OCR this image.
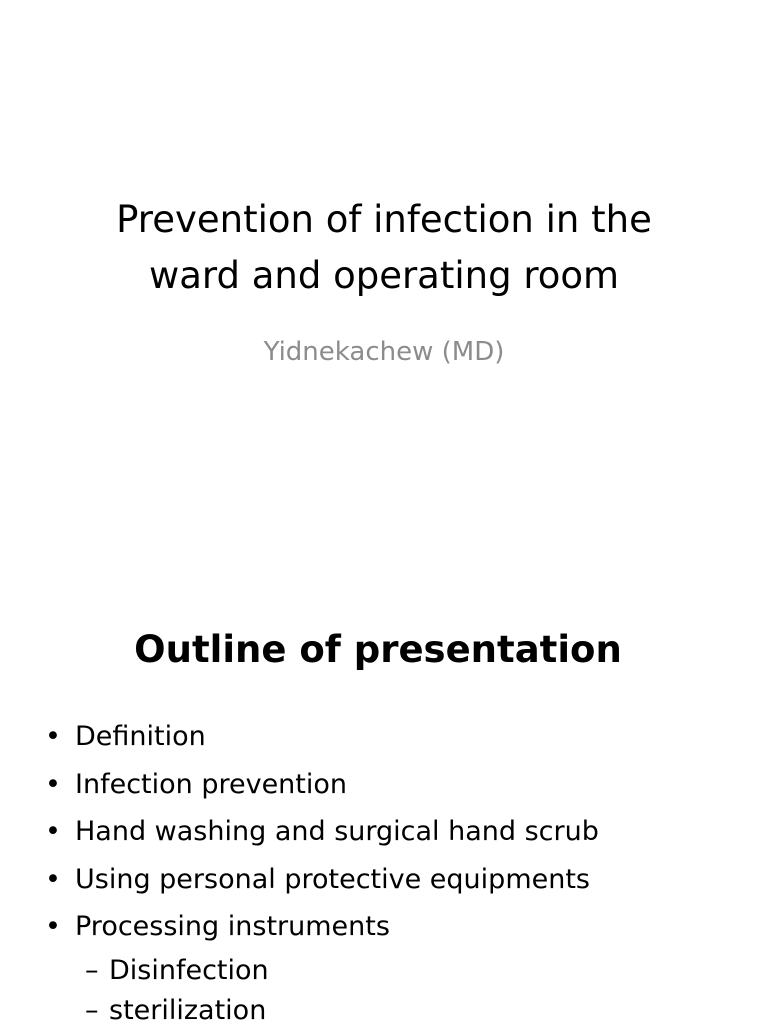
Prevention of infection in the
ward and operating room

Yidnekachew (MD)

Outline of presentation
• Definition
• Infection prevention
• Hand washing and surgical hand scrub
• Using personal protective equipments
• Processing instruments
– Disinfection
– sterilization
